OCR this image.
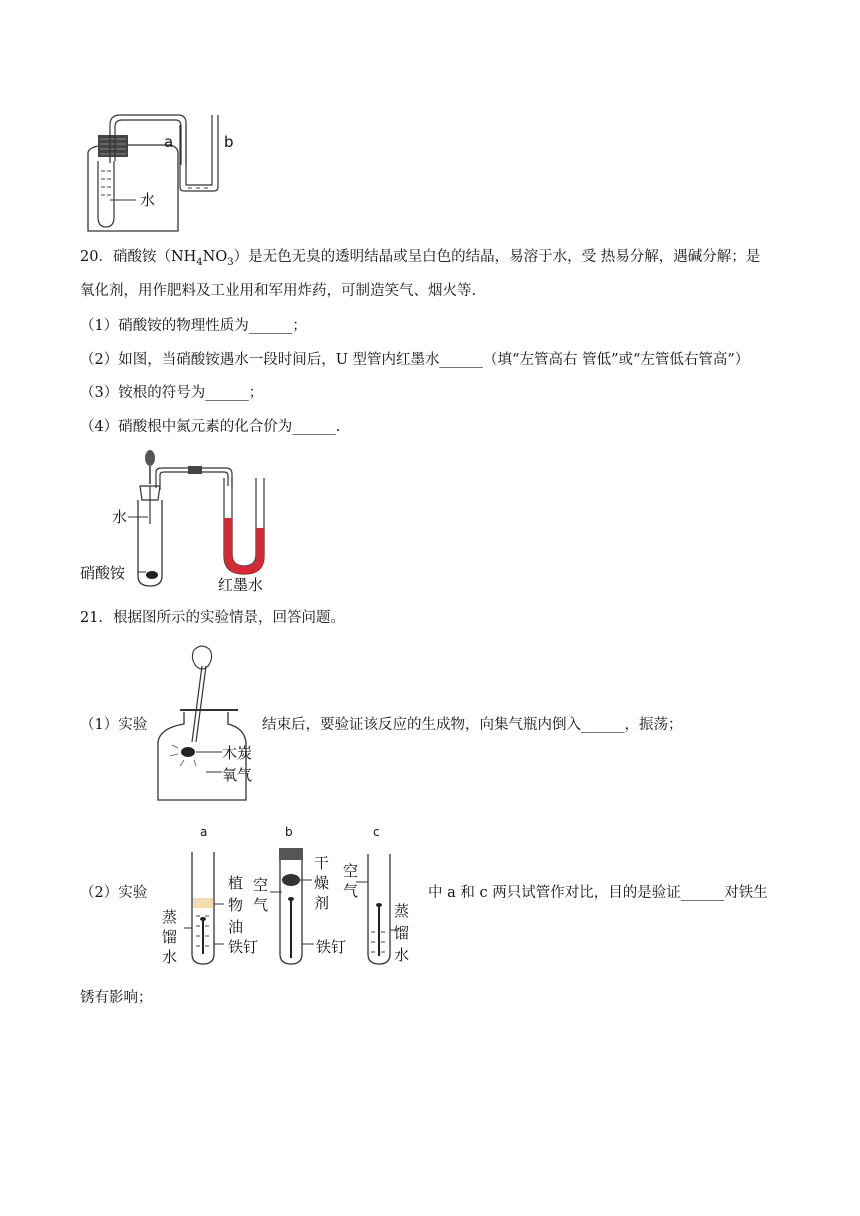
a	b
水
20．硝酸铵$(NH_4NO_3)$是无色无臭的透明结晶或呈白色的结晶，易溶于水，受 热易分解，遇碱分解；是
氧化剂，用作肥料及工业用和军用炸药，可制造笑气、烟火等.
（1）硝酸铵的物理性质为______；
（2）如图，当硝酸铵遇水一段时间后，U 型管内红墨水______（填“左管高右 管低”或“左管低右管高”）
（3）铵根的符号为______；
（4）硝酸根中氮元素的化合价为______.
水
硝酸铵
红墨水
21．根据图所示的实验情景，回答问题。
木炭
氧气
（1）实验	结束后，要验证该反应的生成物，向集气瓶内倒入______，振荡；
a	b	c
植
物
油
铁钉
蒸
馏
水
空
气
干
燥
剂
铁钉
空
气
蒸
馏
水
（2）实验	中 a 和 c 两只试管作对比，目的是验证______对铁生
锈有影响；
